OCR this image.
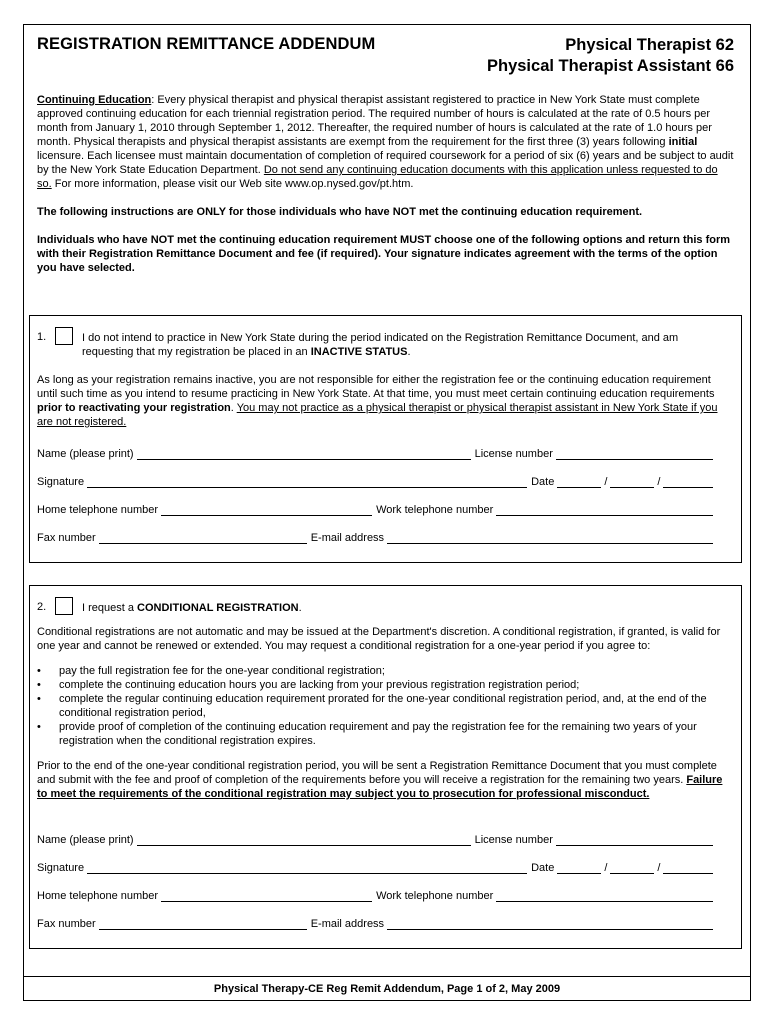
REGISTRATION REMITTANCE ADDENDUM	Physical Therapist 62
Physical Therapist Assistant 66
Continuing Education: Every physical therapist and physical therapist assistant registered to practice in New York State must complete approved continuing education for each triennial registration period. The required number of hours is calculated at the rate of 0.5 hours per month from January 1, 2010 through September 1, 2012. Thereafter, the required number of hours is calculated at the rate of 1.0 hours per month. Physical therapists and physical therapist assistants are exempt from the requirement for the first three (3) years following initial licensure. Each licensee must maintain documentation of completion of required coursework for a period of six (6) years and be subject to audit by the New York State Education Department. Do not send any continuing education documents with this application unless requested to do so. For more information, please visit our Web site www.op.nysed.gov/pt.htm.
The following instructions are ONLY for those individuals who have NOT met the continuing education requirement.
Individuals who have NOT met the continuing education requirement MUST choose one of the following options and return this form with their Registration Remittance Document and fee (if required). Your signature indicates agreement with the terms of the option you have selected.
1.	I do not intend to practice in New York State during the period indicated on the Registration Remittance Document, and am requesting that my registration be placed in an INACTIVE STATUS.
As long as your registration remains inactive, you are not responsible for either the registration fee or the continuing education requirement until such time as you intend to resume practicing in New York State. At that time, you must meet certain continuing education requirements prior to reactivating your registration. You may not practice as a physical therapist or physical therapist assistant in New York State if you are not registered.
Name (please print)	License number
Signature	Date	/	/
Home telephone number	Work telephone number
Fax number	E-mail address
2.	I request a CONDITIONAL REGISTRATION.
Conditional registrations are not automatic and may be issued at the Department's discretion. A conditional registration, if granted, is valid for one year and cannot be renewed or extended. You may request a conditional registration for a one-year period if you agree to:
• pay the full registration fee for the one-year conditional registration;
• complete the continuing education hours you are lacking from your previous registration registration period;
• complete the regular continuing education requirement prorated for the one-year conditional registration period, and, at the end of the conditional registration period,
• provide proof of completion of the continuing education requirement and pay the registration fee for the remaining two years of your registration when the conditional registration expires.
Prior to the end of the one-year conditional registration period, you will be sent a Registration Remittance Document that you must complete and submit with the fee and proof of completion of the requirements before you will receive a registration for the remaining two years. Failure to meet the requirements of the conditional registration may subject you to prosecution for professional misconduct.
Name (please print)	License number
Signature	Date	/	/
Home telephone number	Work telephone number
Fax number	E-mail address
Physical Therapy-CE Reg Remit Addendum, Page 1 of 2, May 2009
